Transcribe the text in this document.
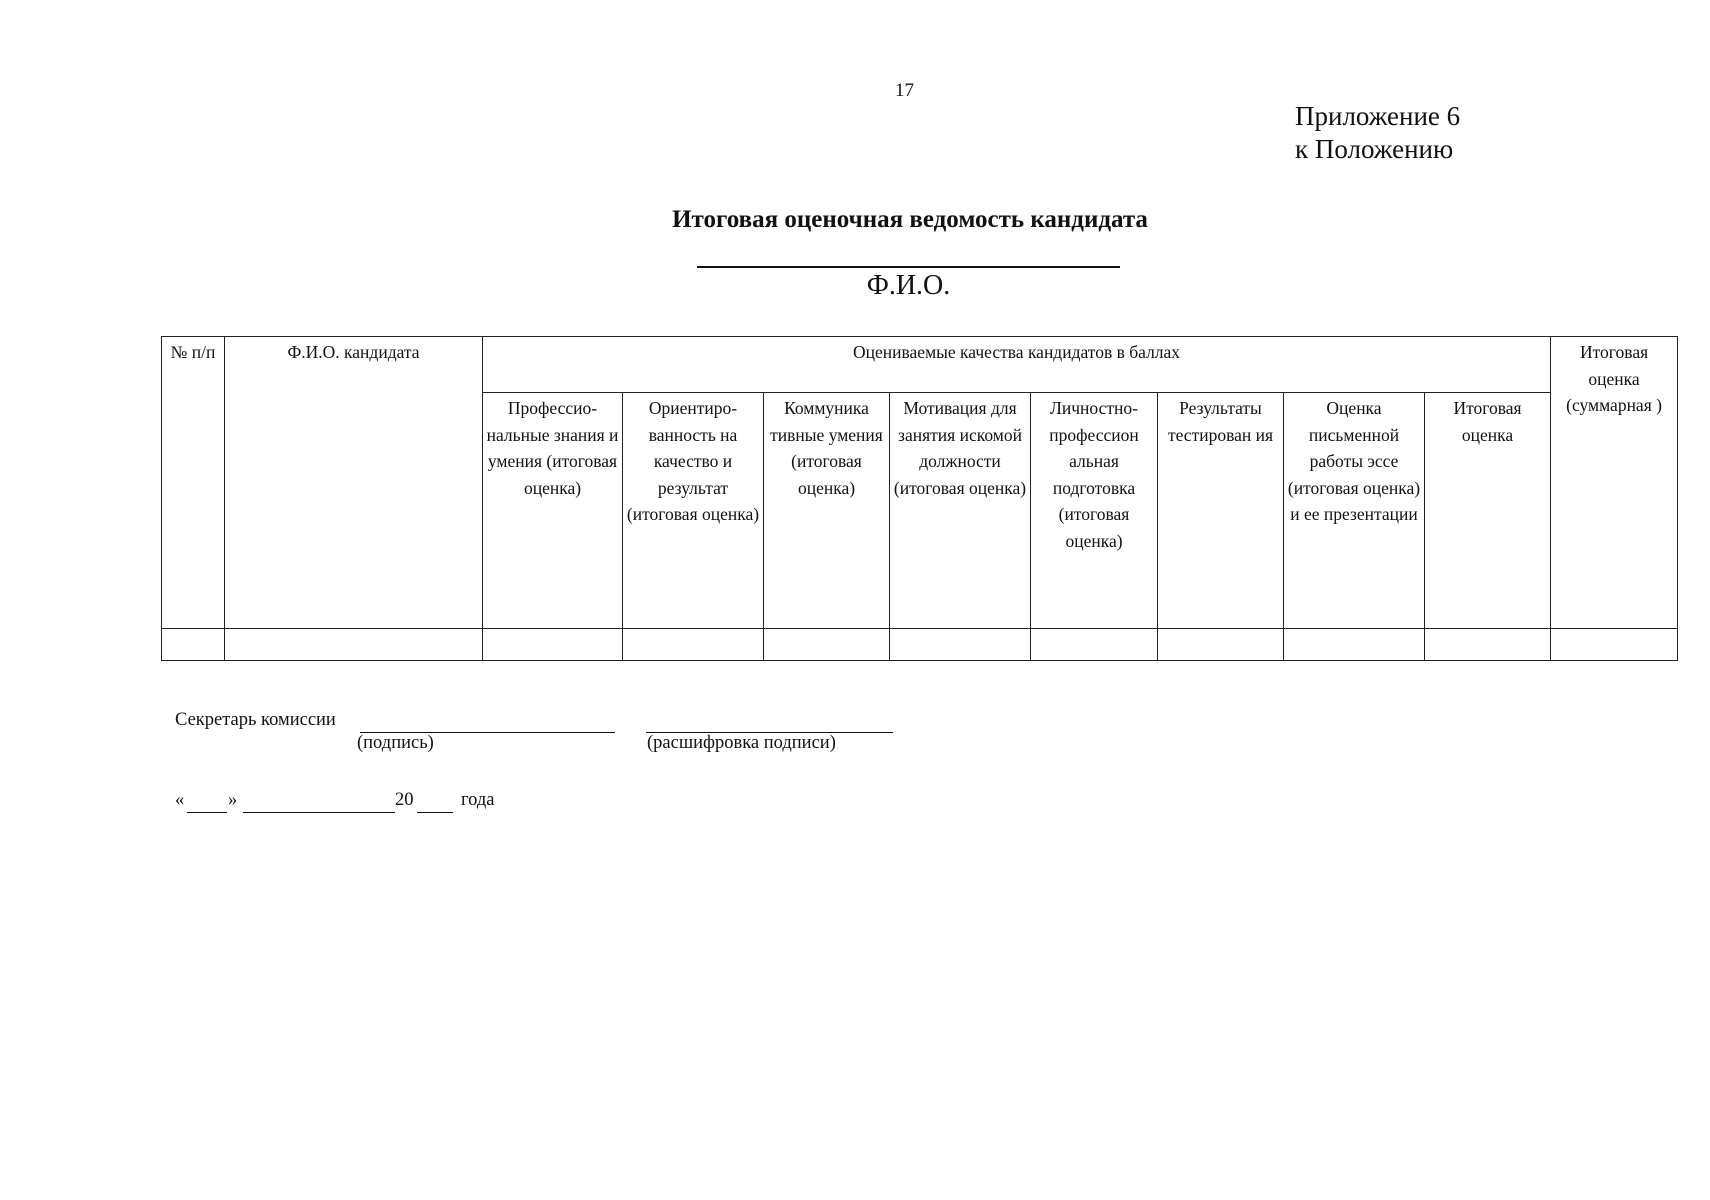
17
Приложение 6
к Положению
Итоговая оценочная ведомость кандидата
Ф.И.О.
№ п/п	Ф.И.О. кандидата	Оцениваемые качества кандидатов в баллах								Итоговая оценка (суммарная )
		Профессио-нальные знания и умения (итоговая оценка)	Ориентиро-ванность на качество и результат (итоговая оценка)	Коммуника тивные умения (итоговая оценка)	Мотивация для занятия искомой должности (итоговая оценка)	Личностно-профессион альная подготовка (итоговая оценка)	Результаты тестирован ия	Оценка письменной работы эссе (итоговая оценка) и ее презентации	Итоговая оценка	

Секретарь комиссии
(подпись)	(расшифровка подписи)
« »	20	года
